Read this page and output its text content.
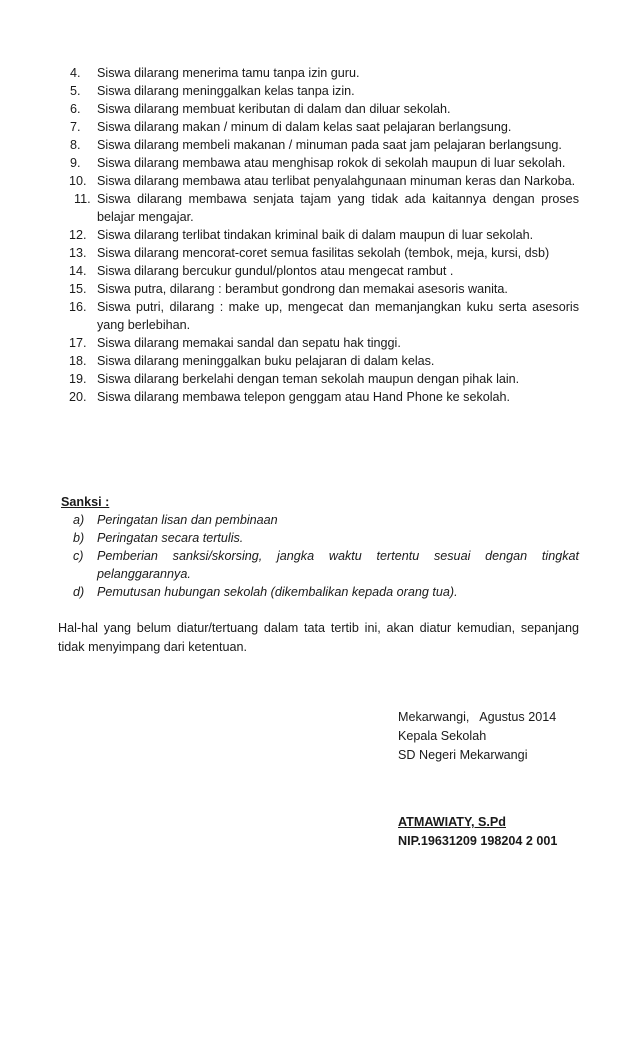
4. Siswa dilarang menerima tamu tanpa izin guru.
5. Siswa dilarang meninggalkan kelas tanpa izin.
6. Siswa dilarang membuat keributan di dalam dan diluar sekolah.
7. Siswa dilarang makan / minum di dalam kelas saat pelajaran berlangsung.
8. Siswa dilarang membeli makanan / minuman pada saat jam pelajaran berlangsung.
9. Siswa dilarang membawa atau menghisap rokok di sekolah maupun di luar sekolah.
10. Siswa dilarang membawa atau terlibat penyalahgunaan minuman keras dan Narkoba.
11. Siswa dilarang membawa senjata tajam yang tidak ada kaitannya dengan proses belajar mengajar.
12. Siswa dilarang terlibat tindakan kriminal baik di dalam maupun di luar sekolah.
13. Siswa dilarang mencorat-coret semua fasilitas sekolah (tembok, meja, kursi, dsb)
14. Siswa dilarang bercukur gundul/plontos atau mengecat rambut .
15. Siswa putra, dilarang : berambut gondrong dan memakai asesoris wanita.
16. Siswa putri, dilarang : make up, mengecat dan memanjangkan kuku serta asesoris yang berlebihan.
17. Siswa dilarang memakai sandal dan sepatu hak tinggi.
18. Siswa dilarang meninggalkan buku pelajaran di dalam kelas.
19. Siswa dilarang berkelahi dengan teman sekolah maupun dengan pihak lain.
20. Siswa dilarang membawa telepon genggam atau Hand Phone ke sekolah.

Sanksi :

a) Peringatan lisan dan pembinaan
b) Peringatan secara tertulis.
c) Pemberian sanksi/skorsing, jangka waktu tertentu sesuai dengan tingkat pelanggarannya.
d) Pemutusan hubungan sekolah (dikembalikan kepada orang tua).

Hal-hal yang belum diatur/tertuang dalam tata tertib ini, akan diatur kemudian, sepanjang tidak menyimpang dari ketentuan.

Mekarwangi,   Agustus 2014
Kepala Sekolah
SD Negeri Mekarwangi
ATMAWIATY, S.Pd
NIP.19631209 198204 2 001
